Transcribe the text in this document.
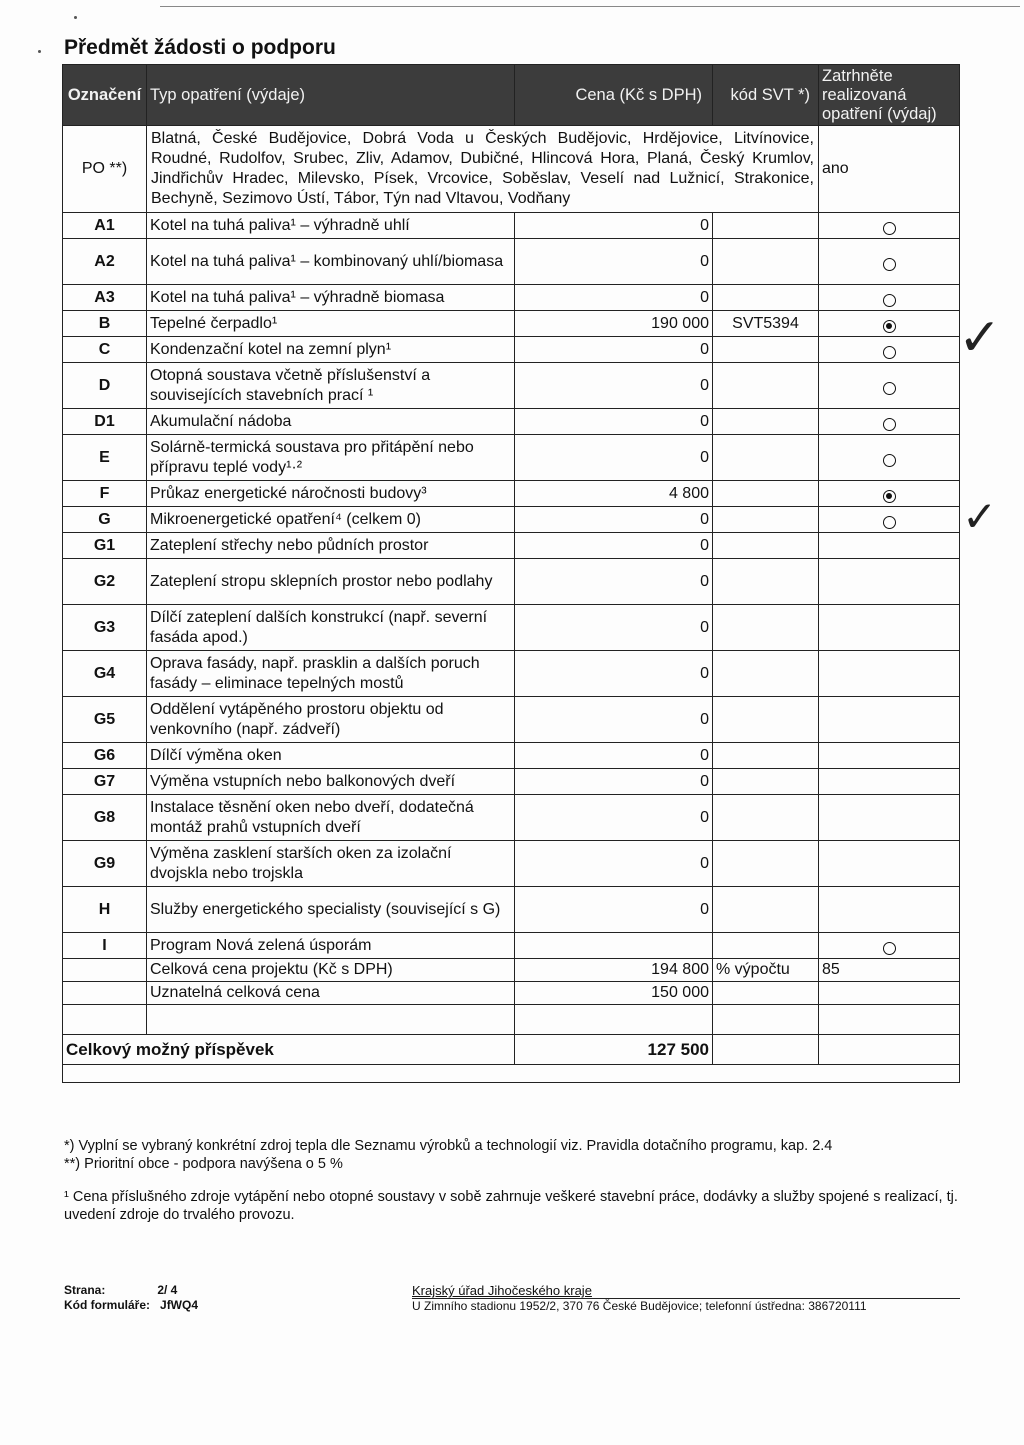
Předmět žádosti o podporu
Označení	Typ opatření (výdaje)	Cena (Kč s DPH)	kód SVT *)	Zatrhněte realizovaná opatření (výdaj)
PO **)	Blatná, České Budějovice, Dobrá Voda u Českých Budějovic, Hrdějovice, Litvínovice, Roudné, Rudolfov, Srubec, Zliv, Adamov, Dubičné, Hlincová Hora, Planá, Český Krumlov, Jindřichův Hradec, Milevsko, Písek, Vrcovice, Soběslav, Veselí nad Lužnicí, Strakonice, Bechyně, Sezimovo Ústí, Tábor, Týn nad Vltavou, Vodňany			ano
A1	Kotel na tuhá paliva¹ – výhradně uhlí	0		
A2	Kotel na tuhá paliva¹ – kombinovaný uhlí/biomasa	0		
A3	Kotel na tuhá paliva¹ – výhradně biomasa	0		
B	Tepelné čerpadlo¹	190 000	SVT5394	
C	Kondenzační kotel na zemní plyn¹	0		
D	Otopná soustava včetně příslušenství a souvisejících stavebních prací ¹	0		
D1	Akumulační nádoba	0		
E	Solárně-termická soustava pro přitápění nebo přípravu teplé vody¹·²	0		
F	Průkaz energetické náročnosti budovy³	4 800		
G	Mikroenergetické opatření⁴ (celkem 0)	0		
G1	Zateplení střechy nebo půdních prostor	0		
G2	Zateplení stropu sklepních prostor nebo podlahy	0		
G3	Dílčí zateplení dalších konstrukcí (např. severní fasáda apod.)	0		
G4	Oprava fasády, např. prasklin a dalších poruch fasády – eliminace tepelných mostů	0		
G5	Oddělení vytápěného prostoru objektu od venkovního (např. zádveří)	0		
G6	Dílčí výměna oken	0		
G7	Výměna vstupních nebo balkonových dveří	0		
G8	Instalace těsnění oken nebo dveří, dodatečná montáž prahů vstupních dveří	0		
G9	Výměna zasklení starších oken za izolační dvojskla nebo trojskla	0		
H	Služby energetického specialisty (související s G)	0		
I	Program Nová zelená úsporám			
	Celková cena projektu (Kč s DPH)	194 800	% výpočtu	85
	Uznatelná celková cena	150 000		

Celkový možný příspěvek		127 500		

✓
✓

*) Vyplní se vybraný konkrétní zdroj tepla dle Seznamu výrobků a technologií viz. Pravidla dotačního programu, kap. 2.4

**) Prioritní obce - podpora navýšena o 5 %

¹ Cena příslušného zdroje vytápění nebo otopné soustavy v sobě zahrnuje veškeré stavební práce, dodávky a služby spojené s realizací, tj. uvedení zdroje do trvalého provozu.

Strana:	2/ 4
Kód formuláře: JfWQ4
Krajský úřad Jihočeského kraje
U Zimního stadionu 1952/2, 370 76 České Budějovice; telefonní ústředna: 386720111
